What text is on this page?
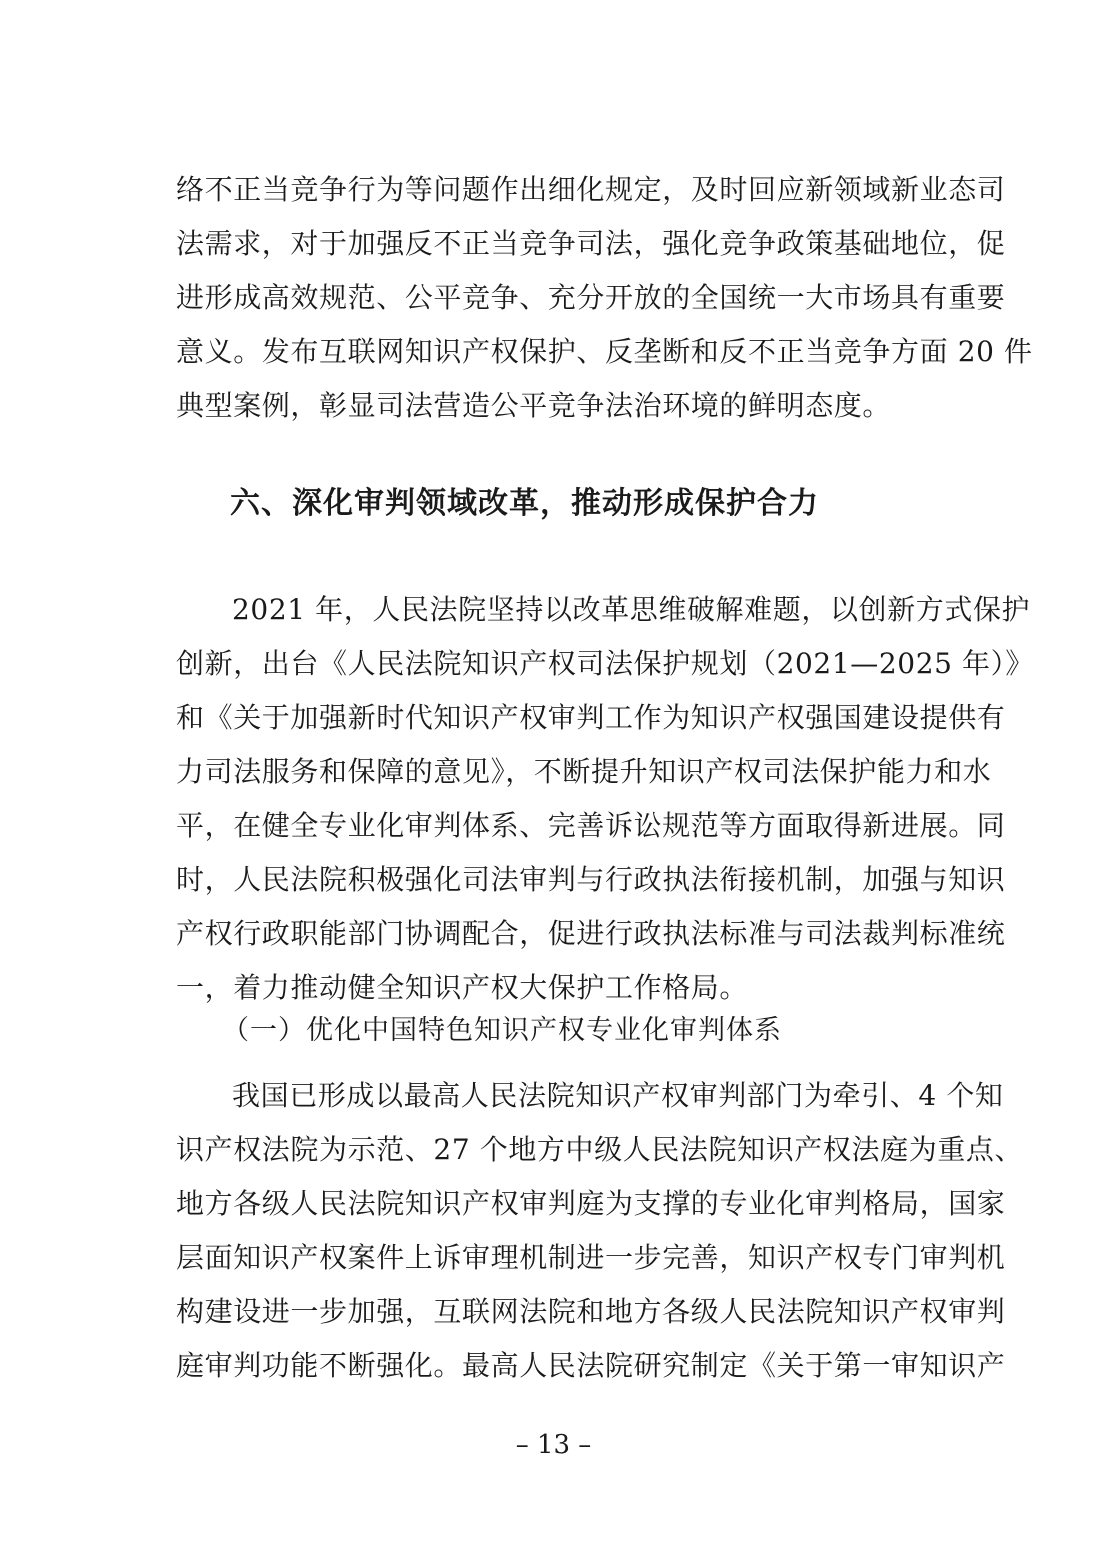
络不正当竞争行为等问题作出细化规定，及时回应新领域新业态司
法需求，对于加强反不正当竞争司法，强化竞争政策基础地位，促
进形成高效规范、公平竞争、充分开放的全国统一大市场具有重要
意义。发布互联网知识产权保护、反垄断和反不正当竞争方面 20 件
典型案例，彰显司法营造公平竞争法治环境的鲜明态度。
六、深化审判领域改革，推动形成保护合力
2021 年，人民法院坚持以改革思维破解难题，以创新方式保护
创新，出台《人民法院知识产权司法保护规划（2021—2025 年）》
和《关于加强新时代知识产权审判工作为知识产权强国建设提供有
力司法服务和保障的意见》，不断提升知识产权司法保护能力和水
平，在健全专业化审判体系、完善诉讼规范等方面取得新进展。同
时，人民法院积极强化司法审判与行政执法衔接机制，加强与知识
产权行政职能部门协调配合，促进行政执法标准与司法裁判标准统
一，着力推动健全知识产权大保护工作格局。
（一）优化中国特色知识产权专业化审判体系
我国已形成以最高人民法院知识产权审判部门为牵引、4 个知
识产权法院为示范、27 个地方中级人民法院知识产权法庭为重点、
地方各级人民法院知识产权审判庭为支撑的专业化审判格局，国家
层面知识产权案件上诉审理机制进一步完善，知识产权专门审判机
构建设进一步加强，互联网法院和地方各级人民法院知识产权审判
庭审判功能不断强化。最高人民法院研究制定《关于第一审知识产
– 13 –
